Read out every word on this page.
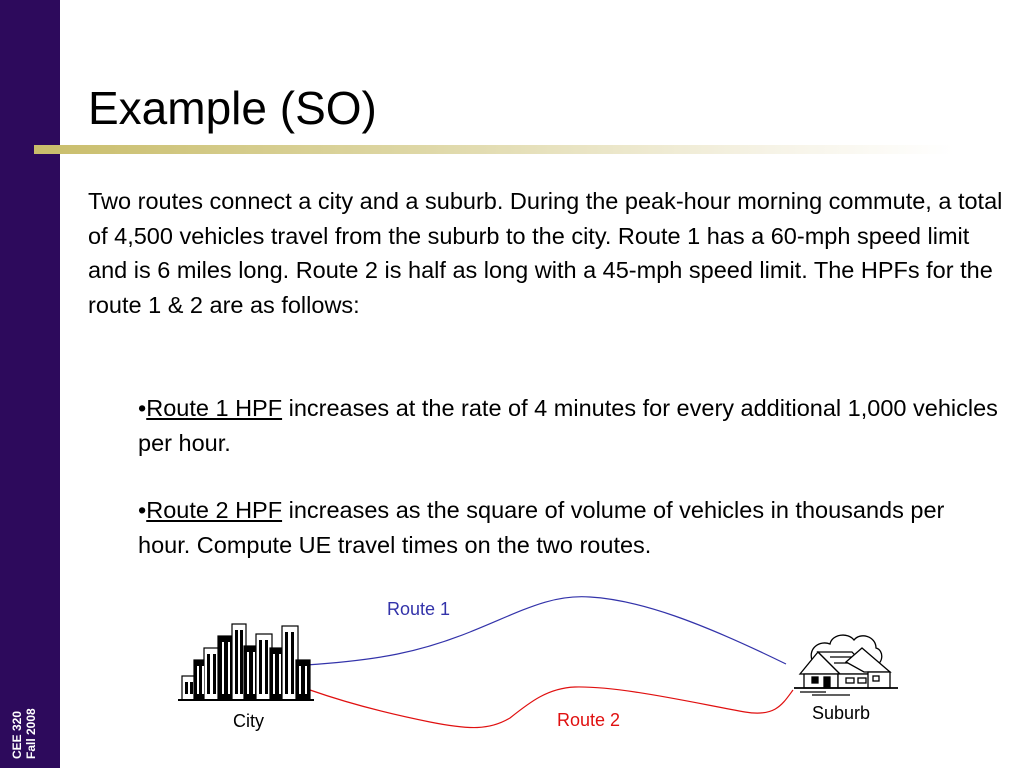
CEE 320 Fall 2008
Example (SO)

Two routes connect a city and a suburb. During the peak-hour morning commute, a total of 4,500 vehicles travel from the suburb to the city. Route 1 has a 60-mph speed limit and is 6 miles long. Route 2 is half as long with a 45-mph speed limit. The HPFs for the route 1 & 2 are as follows:

•Route 1 HPF increases at the rate of 4 minutes for every additional 1,000 vehicles per hour.

•Route 2 HPF increases as the square of volume of vehicles in thousands per hour. Compute UE travel times on the two routes.

Route 1
Route 2
City	Suburb
